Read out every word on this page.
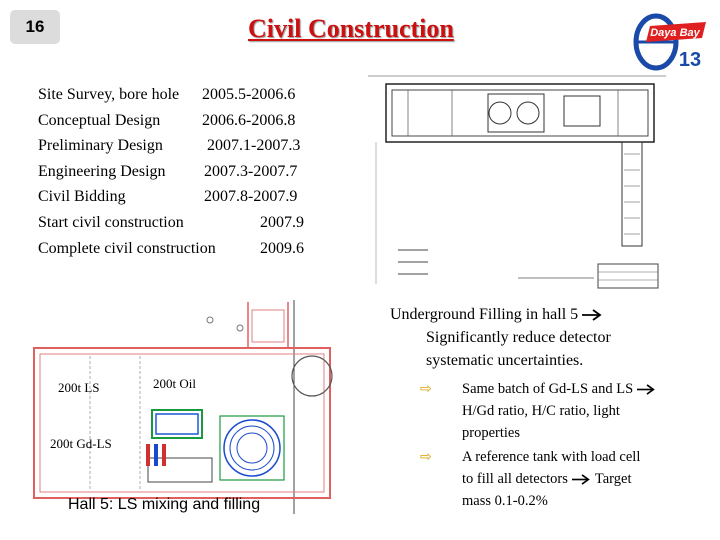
16	Civil Construction	Daya Bay
13
Site Survey, bore hole 2005.5-2006.6
Conceptual Design	2006.6-2006.8
Preliminary Design	2007.1-2007.3
Engineering Design 2007.3-2007.7
Civil Bidding	2007.8-2007.9
Start civil construction	2007.9
Complete civil construction	2009.6
200t LS	200t Oil
200t Gd-LS
Hall 5: LS mixing and filling
Underground Filling in hall 5
Significantly reduce detector
systematic uncertainties.
⇨ Same batch of Gd-LS and LS
H/Gd ratio, H/C ratio, light
properties
⇨ A reference tank with load cell
to fill all detectors Target
mass 0.1-0.2%
